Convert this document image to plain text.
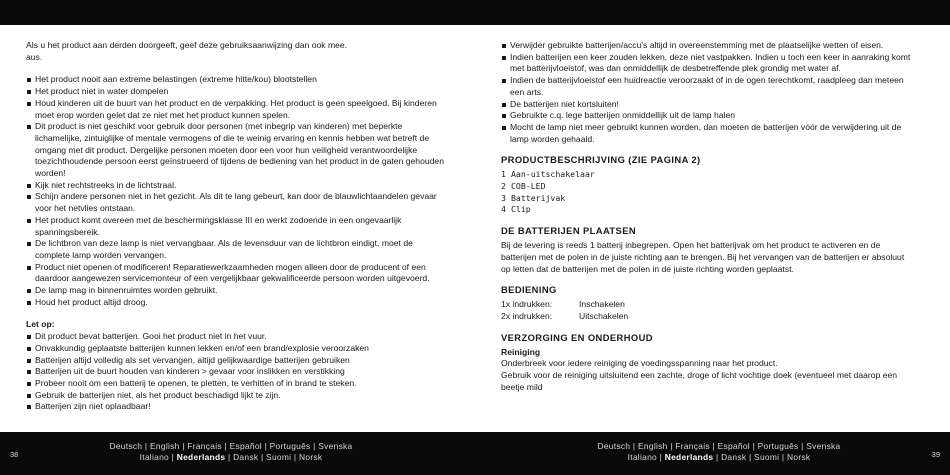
Als u het product aan derden doorgeeft, geef deze gebruiksaanwijzing dan ook mee.

aus.

Het product nooit aan extreme belastingen (extreme hitte/kou) blootstellen
Het product niet in water dompelen
Houd kinderen uit de buurt van het product en de verpakking. Het product is geen speelgoed. Bij kinderen moet erop worden gelet dat ze niet met het product kunnen spelen.
Dit product is niet geschikt voor gebruik door personen (met inbegrip van kinderen) met beperkte lichamelijke, zintuiglijke of mentale vermogens of die te weinig ervaring en kennis hebben wat betreft de omgang met dit product. Dergelijke personen moeten door een voor hun veiligheid verantwoordelijke toezichthoudende persoon eerst geïnstrueerd of tijdens de bediening van het product in de gaten gehouden worden!
Kijk niet rechtstreeks in de lichtstraal.
Schijn andere personen niet in het gezicht. Als dit te lang gebeurt, kan door de blauwlichtaandelen gevaar voor het netvlies ontstaan.
Het product komt overeen met de beschermingsklasse III en werkt zodoende in een ongevaarlijk spanningsbereik.
De lichtbron van deze lamp is niet vervangbaar. Als de levensduur van de lichtbron eindigt, moet de complete lamp worden vervangen.
Product niet openen of modificeren! Reparatiewerkzaamheden mogen alleen door de producent of een daardoor aangewezen servicemonteur of een vergelijkbaar gekwalificeerde persoon worden uitgevoerd.
De lamp mag in binnenruimtes worden gebruikt.
Houd het product altijd droog.

Let op:

Dit product bevat batterijen. Gooi het product niet in het vuur.
Onvakkundig geplaatste batterijen kunnen lekken en/of een brand/explosie veroorzaken
Batterijen altijd volledig als set vervangen, altijd gelijkwaardige batterijen gebruiken
Batterijen uit de buurt houden van kinderen > gevaar voor inslikken en verstikking
Probeer nooit om een batterij te openen, te pletten, te verhitten of in brand te steken.
Gebruik de batterijen niet, als het product beschadigd lijkt te zijn.
Batterijen zijn niet oplaadbaar!
Verwijder gebruikte batterijen/accu's altijd in overeenstemming met de plaatselijke wetten of eisen.
Indien batterijen een keer zouden lekken, deze niet vastpakken. Indien u toch een keer in aanraking komt met batterijvloeistof, was dan onmiddellijk de desbetreffende plek grondig met water af.
Indien de batterijvloeistof een huidreactie veroorzaakt of in de ogen terechtkomt, raadpleeg dan meteen een arts.
De batterijen niet kortsluiten!
Gebruikte c.q. lege batterijen onmiddellijk uit de lamp halen
Mocht de lamp niet meer gebruikt kunnen worden, dan moeten de batterijen vóór de verwijdering uit de lamp worden gehaald.
PRODUCTBESCHRIJVING (ZIE PAGINA 2)
1 Aan-uitschakelaar
2 COB-LED
3 Batterijvak
4 Clip
DE BATTERIJEN PLAATSEN

Bij de levering is reeds 1 batterij inbegrepen. Open het batterijvak om het product te activeren en de batterijen met de polen in de juiste richting aan te brengen. Bij het vervangen van de batterijen er absoluut op letten dat de batterijen met de polen in de juiste richting worden geplaatst.

BEDIENING
1x indrukken:	Inschakelen
2x indrukken:	Uitschakelen
VERZORGING EN ONDERHOUD

Reiniging

Onderbreek voor iedere reiniging de voedingsspanning naar het product.

Gebruik voor de reiniging uitsluitend een zachte, droge of licht vochtige doek (eventueel met daarop een beetje mild

38
Deutsch | English | Français | Español | Português | Svenska
Italiano | Nederlands | Dansk | Suomi | Norsk
Deutsch | English | Français | Español | Português | Svenska
Italiano | Nederlands | Dansk | Suomi | Norsk	39
